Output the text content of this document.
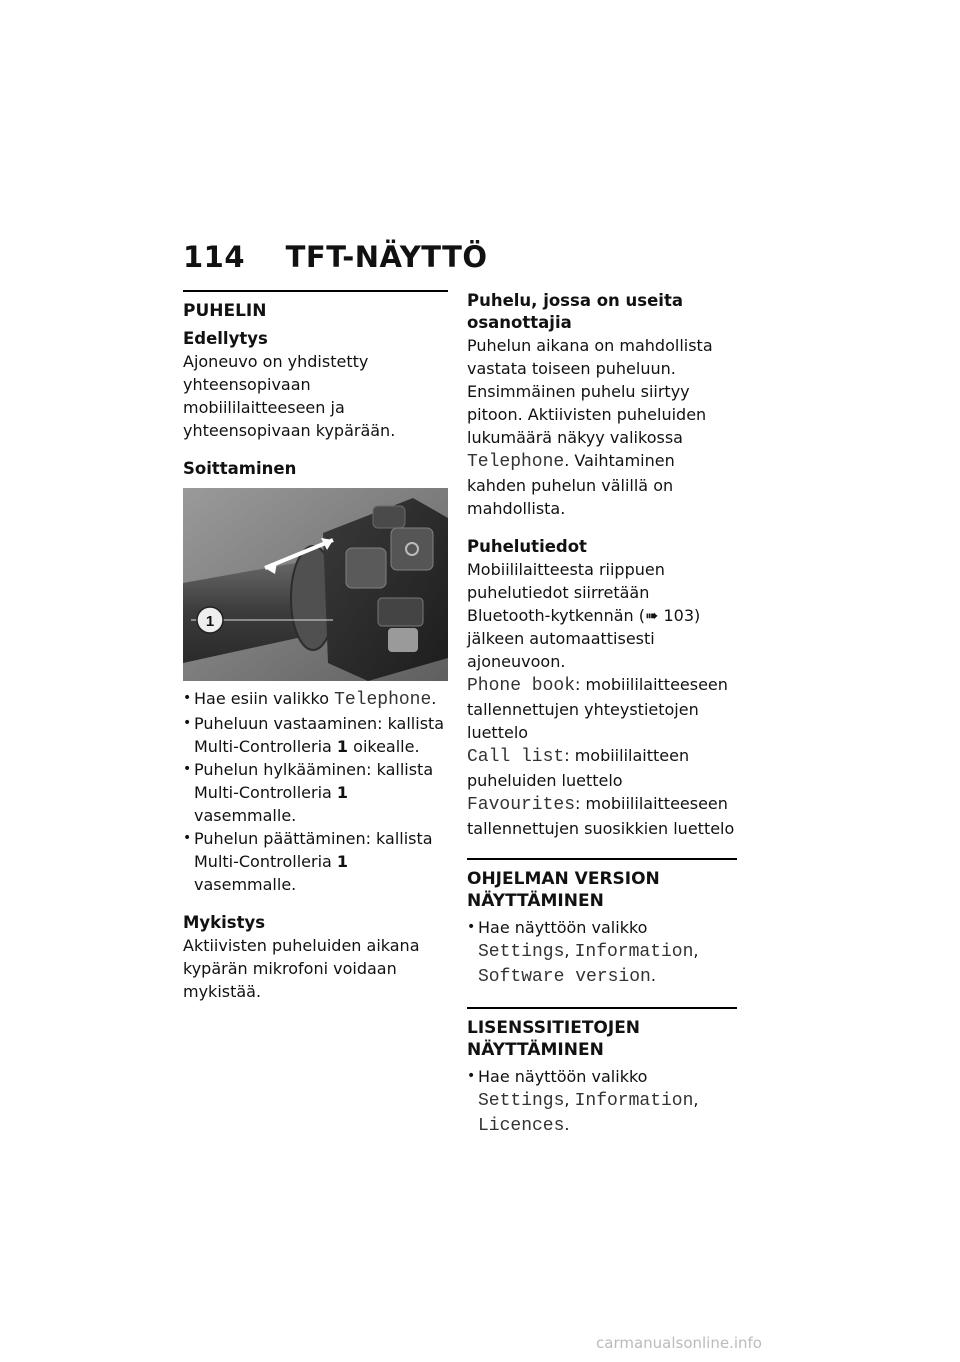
114 TFT-NÄYTTÖ
PUHELIN
Edellytys

Ajoneuvo on yhdistetty yhteensopivaan mobiililaitteeseen ja yhteensopivaan kypärään.

Soittaminen
1
• Hae esiin valikko Telephone.
• Puheluun vastaaminen: kallista Multi-Controlleria 1 oikealle.
• Puhelun hylkääminen: kallista Multi-Controlleria 1 vasemmalle.
• Puhelun päättäminen: kallista Multi-Controlleria 1 vasemmalle.
Mykistys

Aktiivisten puheluiden aikana kypärän mikrofoni voidaan mykistää.

Puhelu, jossa on useita osanottajia

Puhelun aikana on mahdollista vastata toiseen puheluun. Ensimmäinen puhelu siirtyy pitoon. Aktiivisten puheluiden lukumäärä näkyy valikossa Telephone. Vaihtaminen kahden puhelun välillä on mahdollista.

Puhelutiedot

Mobiililaitteesta riippuen puhelutiedot siirretään Bluetooth-kytkennän (➠ 103) jälkeen automaattisesti ajoneuvoon.

Phone book: mobiililaitteeseen tallennettujen yhteystietojen luettelo

Call list: mobiililaitteen puheluiden luettelo

Favourites: mobiililaitteeseen tallennettujen suosikkien luettelo

OHJELMAN VERSION NÄYTTÄMINEN
• Hae näyttöön valikko Settings, Information, Software version.
LISENSSITIETOJEN NÄYTTÄMINEN
• Hae näyttöön valikko Settings, Information, Licences.
carmanualsonline.info
